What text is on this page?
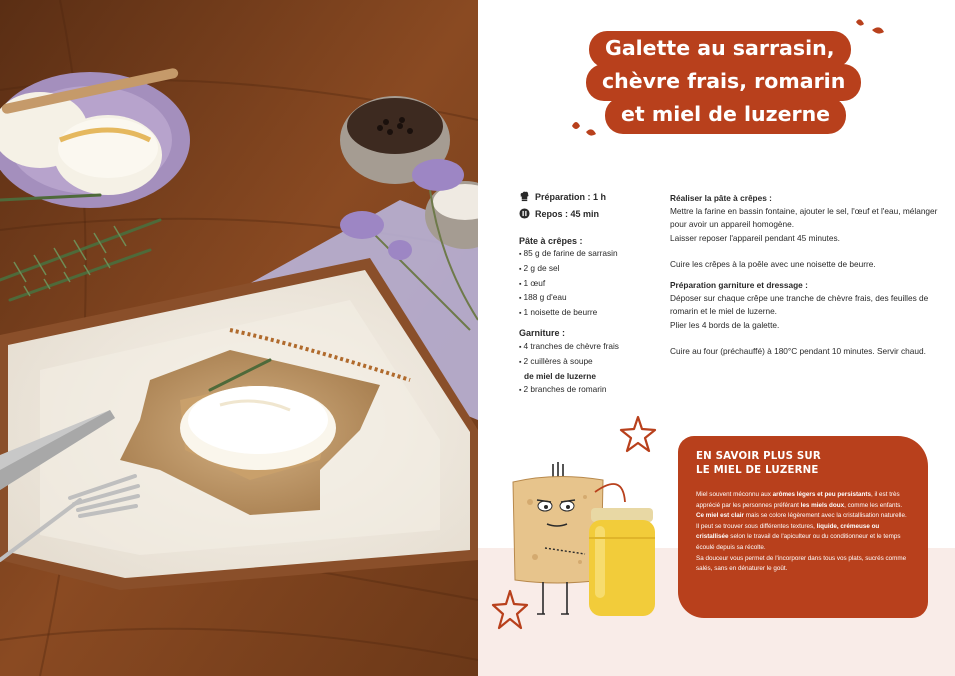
Galette au sarrasin,
chèvre frais, romarin
et miel de luzerne
Préparation : 1 h
Repos : 45 min
Pâte à crêpes :
▪ 85 g de farine de sarrasin
▪ 2 g de sel
▪ 1 œuf
▪ 188 g d'eau
▪ 1 noisette de beurre
Garniture :
▪ 4 tranches de chèvre frais
▪ 2 cuillères à soupe
de miel de luzerne
▪ 2 branches de romarin
Réaliser la pâte à crêpes :

Mettre la farine en bassin fontaine, ajouter le sel, l'œuf et l'eau, mélanger pour avoir un appareil homogène.

Laisser reposer l'appareil pendant 45 minutes.

Cuire les crêpes à la poêle avec une noisette de beurre.

Préparation garniture et dressage :

Déposer sur chaque crêpe une tranche de chèvre frais, des feuilles de romarin et le miel de luzerne.

Plier les 4 bords de la galette.

Cuire au four (préchauffé) à 180°C pendant 10 minutes. Servir chaud.

EN SAVOIR PLUS SUR
LE MIEL DE LUZERNE

Miel souvent méconnu aux arômes légers et peu persistants, il est très apprécié par les personnes préférant les miels doux, comme les enfants. Ce miel est clair mais se colore légèrement avec la cristallisation naturelle. Il peut se trouver sous différentes textures, liquide, crémeuse ou cristallisée selon le travail de l'apiculteur ou du conditionneur et le temps écoulé depuis sa récolte.

Sa douceur vous permet de l'incorporer dans tous vos plats, sucrés comme salés, sans en dénaturer le goût.
